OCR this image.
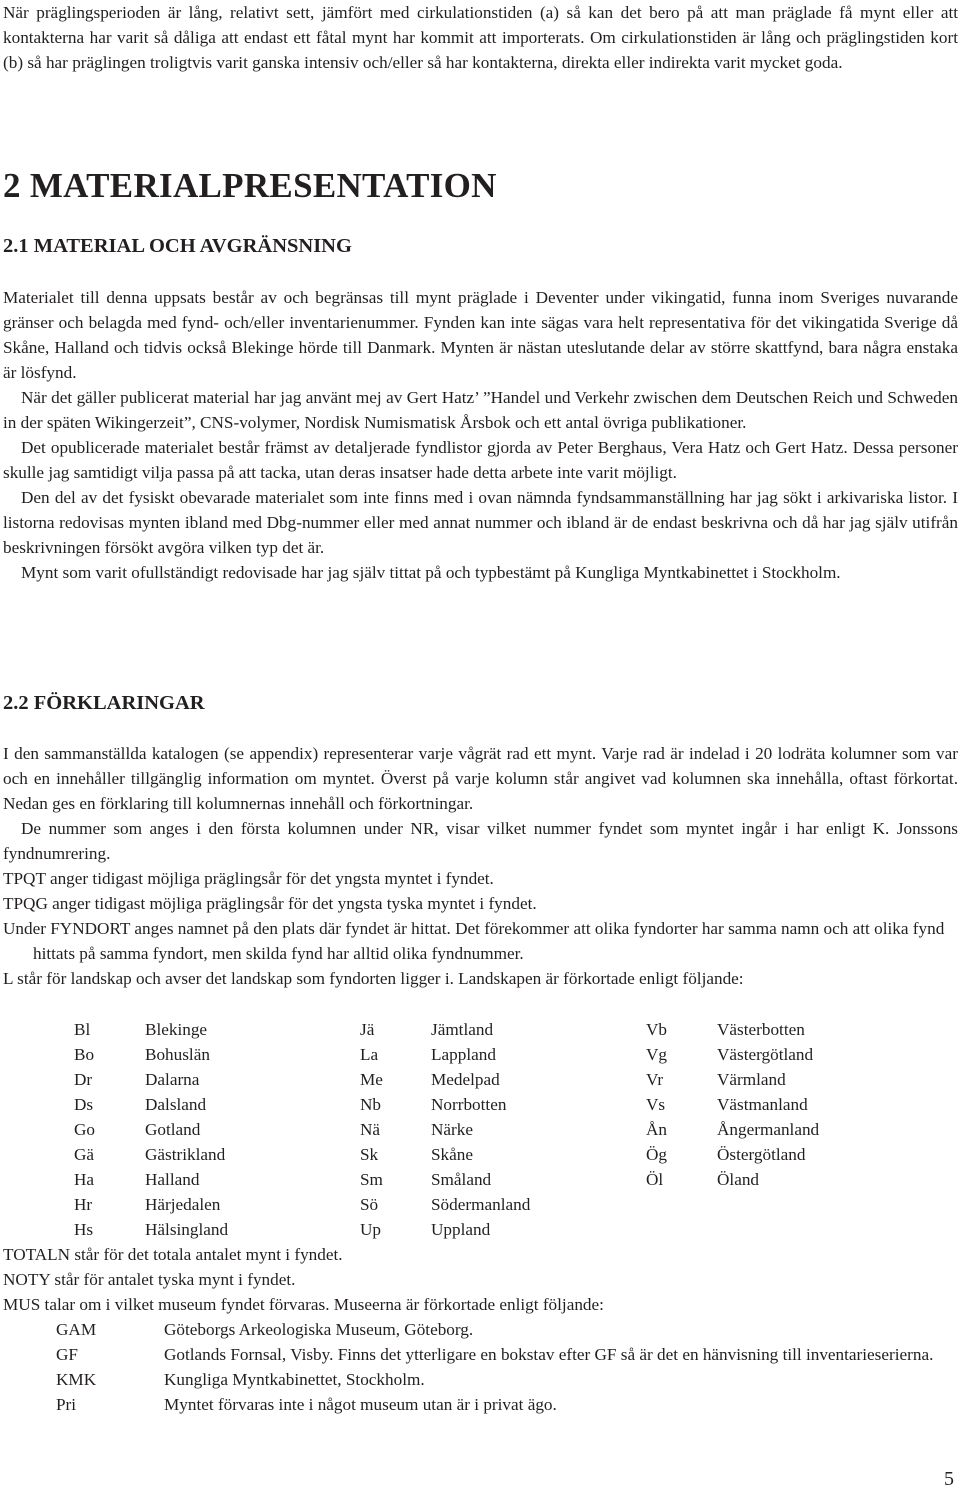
När präglingsperioden är lång, relativt sett, jämfört med cirkulationstiden (a) så kan det bero på att man präglade få mynt eller att kontakterna har varit så dåliga att endast ett fåtal mynt har kommit att importerats. Om cirkulationstiden är lång och präglingstiden kort (b) så har präglingen troligtvis varit ganska intensiv och/eller så har kontakterna, direkta eller indirekta varit mycket goda.

2 MATERIALPRESENTATION
2.1 MATERIAL OCH AVGRÄNSNING

Materialet till denna uppsats består av och begränsas till mynt präglade i Deventer under vikingatid, funna inom Sveriges nuvarande gränser och belagda med fynd- och/eller inventarienummer. Fynden kan inte sägas vara helt representativa för det vikingatida Sverige då Skåne, Halland och tidvis också Blekinge hörde till Danmark. Mynten är nästan uteslutande delar av större skattfynd, bara några enstaka är lösfynd.

När det gäller publicerat material har jag använt mej av Gert Hatz’ ”Handel und Verkehr zwischen dem Deutschen Reich und Schweden in der späten Wikingerzeit”, CNS-volymer, Nordisk Numismatisk Årsbok och ett antal övriga publikationer.

Det opublicerade materialet består främst av detaljerade fyndlistor gjorda av Peter Berghaus, Vera Hatz och Gert Hatz. Dessa personer skulle jag samtidigt vilja passa på att tacka, utan deras insatser hade detta arbete inte varit möjligt.

Den del av det fysiskt obevarade materialet som inte finns med i ovan nämnda fyndsammanställning har jag sökt i arkivariska listor. I listorna redovisas mynten ibland med Dbg-nummer eller med annat nummer och ibland är de endast beskrivna och då har jag själv utifrån beskrivningen försökt avgöra vilken typ det är.

Mynt som varit ofullständigt redovisade har jag själv tittat på och typbestämt på Kungliga Myntkabinettet i Stockholm.

2.2 FÖRKLARINGAR

I den sammanställda katalogen (se appendix) representerar varje vågrät rad ett mynt. Varje rad är indelad i 20 lodräta kolumner som var och en innehåller tillgänglig information om myntet. Överst på varje kolumn står angivet vad kolumnen ska innehålla, oftast förkortat. Nedan ges en förklaring till kolumnernas innehåll och förkortningar.

De nummer som anges i den första kolumnen under NR, visar vilket nummer fyndet som myntet ingår i har enligt K. Jonssons fyndnumrering.

TPQT anger tidigast möjliga präglingsår för det yngsta myntet i fyndet.

TPQG anger tidigast möjliga präglingsår för det yngsta tyska myntet i fyndet.

Under FYNDORT anges namnet på den plats där fyndet är hittat. Det förekommer att olika fyndorter har samma namn och att olika fynd hittats på samma fyndort, men skilda fynd har alltid olika fyndnummer.

L står för landskap och avser det landskap som fyndorten ligger i. Landskapen är förkortade enligt följande:

Bl	Blekinge	Jä	Jämtland	Vb	Västerbotten
Bo	Bohuslän	La	Lappland	Vg	Västergötland
Dr	Dalarna	Me	Medelpad	Vr	Värmland
Ds	Dalsland	Nb	Norrbotten	Vs	Västmanland
Go	Gotland	Nä	Närke	Ån	Ångermanland
Gä	Gästrikland	Sk	Skåne	Ög	Östergötland
Ha	Halland	Sm	Småland	Öl	Öland
Hr	Härjedalen	Sö	Södermanland
Hs	Hälsingland	Up	Uppland

TOTALN står för det totala antalet mynt i fyndet.

NOTY står för antalet tyska mynt i fyndet.

MUS talar om i vilket museum fyndet förvaras. Museerna är förkortade enligt följande:

GAM	Göteborgs Arkeologiska Museum, Göteborg.
GF	Gotlands Fornsal, Visby. Finns det ytterligare en bokstav efter GF så är det en hänvisning till inventarieserierna.
KMK	Kungliga Myntkabinettet, Stockholm.
Pri	Myntet förvaras inte i något museum utan är i privat ägo.
5
